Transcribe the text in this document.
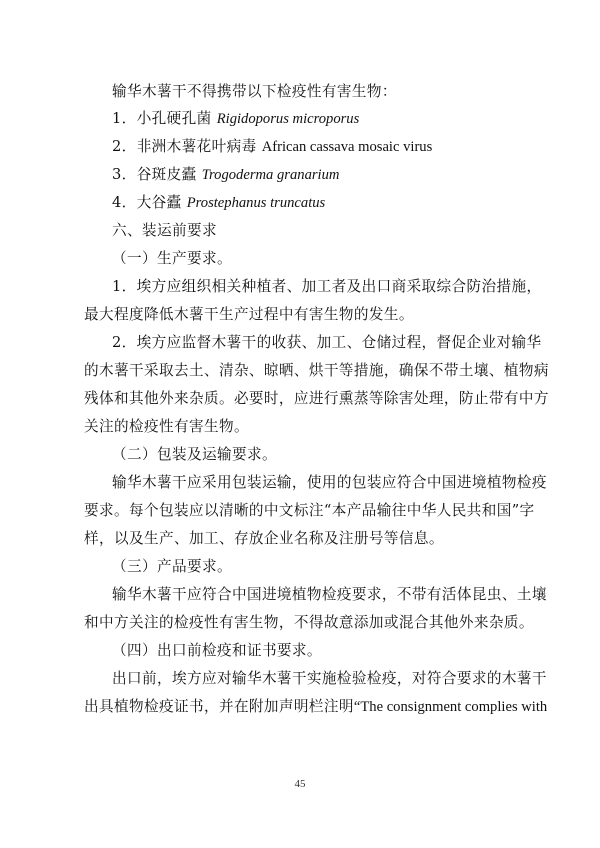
输华木薯干不得携带以下检疫性有害生物：
1．小孔硬孔菌 Rigidoporus microporus
2．非洲木薯花叶病毒 African cassava mosaic virus
3．谷斑皮蠹 Trogoderma granarium
4．大谷蠹 Prostephanus truncatus
六、装运前要求
（一）生产要求。
1．埃方应组织相关种植者、加工者及出口商采取综合防治措施，
最大程度降低木薯干生产过程中有害生物的发生。
2．埃方应监督木薯干的收获、加工、仓储过程，督促企业对输华
的木薯干采取去土、清杂、晾晒、烘干等措施，确保不带土壤、植物病
残体和其他外来杂质。必要时，应进行熏蒸等除害处理，防止带有中方
关注的检疫性有害生物。
（二）包装及运输要求。
输华木薯干应采用包装运输，使用的包装应符合中国进境植物检疫
要求。每个包装应以清晰的中文标注“本产品输往中华人民共和国”字
样，以及生产、加工、存放企业名称及注册号等信息。
（三）产品要求。
输华木薯干应符合中国进境植物检疫要求，不带有活体昆虫、土壤
和中方关注的检疫性有害生物，不得故意添加或混合其他外来杂质。
（四）出口前检疫和证书要求。
出口前，埃方应对输华木薯干实施检验检疫，对符合要求的木薯干
出具植物检疫证书，并在附加声明栏注明“The consignment complies with
45
